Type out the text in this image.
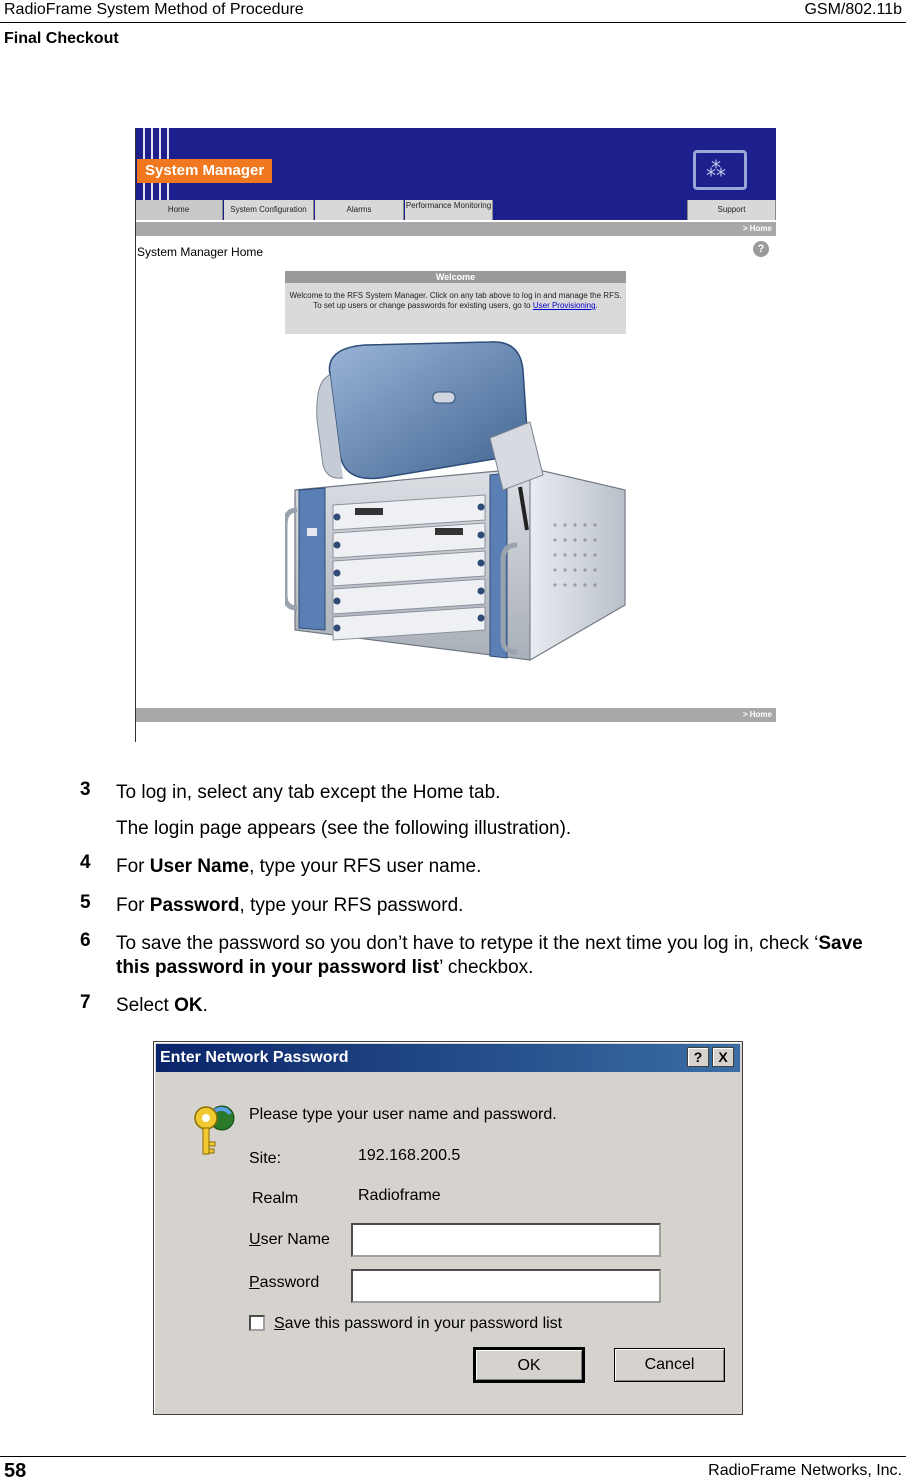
RadioFrame System Method of Procedure	GSM/802.11b
Final Checkout
System Manager	⁂
Home	System Configuration	Alarms	Performance Monitoring	Support
> Home
System Manager Home	?
Welcome
Welcome to the RFS System Manager. Click on any tab above to log in and manage the RFS. To set up users or change passwords for existing users, go to User Provisioning.
> Home
3 To log in, select any tab except the Home tab.
The login page appears (see the following illustration).
4 For User Name, type your RFS user name.
5 For Password, type your RFS password.
6 To save the password so you don’t have to retype it the next time you log in, check ‘Save this password in your password list’ checkbox.
7 Select OK.
Enter Network Password	?	X
Please type your user name and password.
Site:	192.168.200.5
Realm	Radioframe
User Name
Password
Save this password in your password list
OK	Cancel
58	RadioFrame Networks, Inc.
